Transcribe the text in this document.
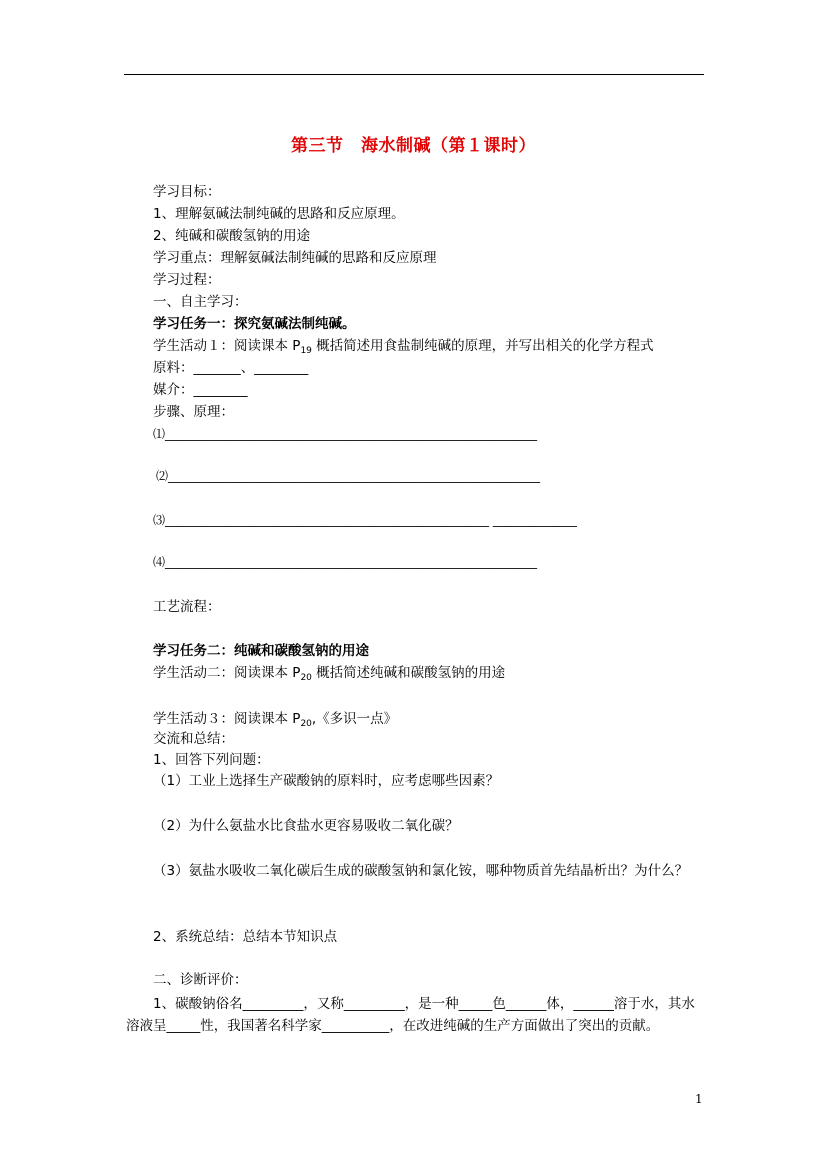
第三节　海水制碱（第１课时）
学习目标：
1、理解氨碱法制纯碱的思路和反应原理。
2、纯碱和碳酸氢钠的用途
学习重点：理解氨碱法制纯碱的思路和反应原理
学习过程：
一、自主学习：
学习任务一：探究氨碱法制纯碱。
学生活动１：阅读课本 $P_{19}$ 概括简述用食盐制纯碱的原理，并写出相关的化学方程式
原料：_______、________
媒介：________
步骤、原理：
⑴______________________________________________________________
⑵______________________________________________________________
⑶______________________________________________________ ______________
⑷______________________________________________________________
工艺流程：
学习任务二：纯碱和碳酸氢钠的用途
学生活动二：阅读课本 $P_{20}$ 概括简述纯碱和碳酸氢钠的用途
学生活动３：阅读课本 $P_{20}$,《多识一点》
交流和总结：
1、回答下列问题：
（1）工业上选择生产碳酸钠的原料时，应考虑哪些因素？
（2）为什么氨盐水比食盐水更容易吸收二氧化碳？
（3）氨盐水吸收二氧化碳后生成的碳酸氢钠和氯化铵，哪种物质首先结晶析出？为什么？
2、系统总结：总结本节知识点
二、诊断评价：
1、碳酸钠俗名_________，又称_________，是一种_____色______体，______溶于水，其水溶液呈_____性，我国著名科学家__________，在改进纯碱的生产方面做出了突出的贡献。
1
